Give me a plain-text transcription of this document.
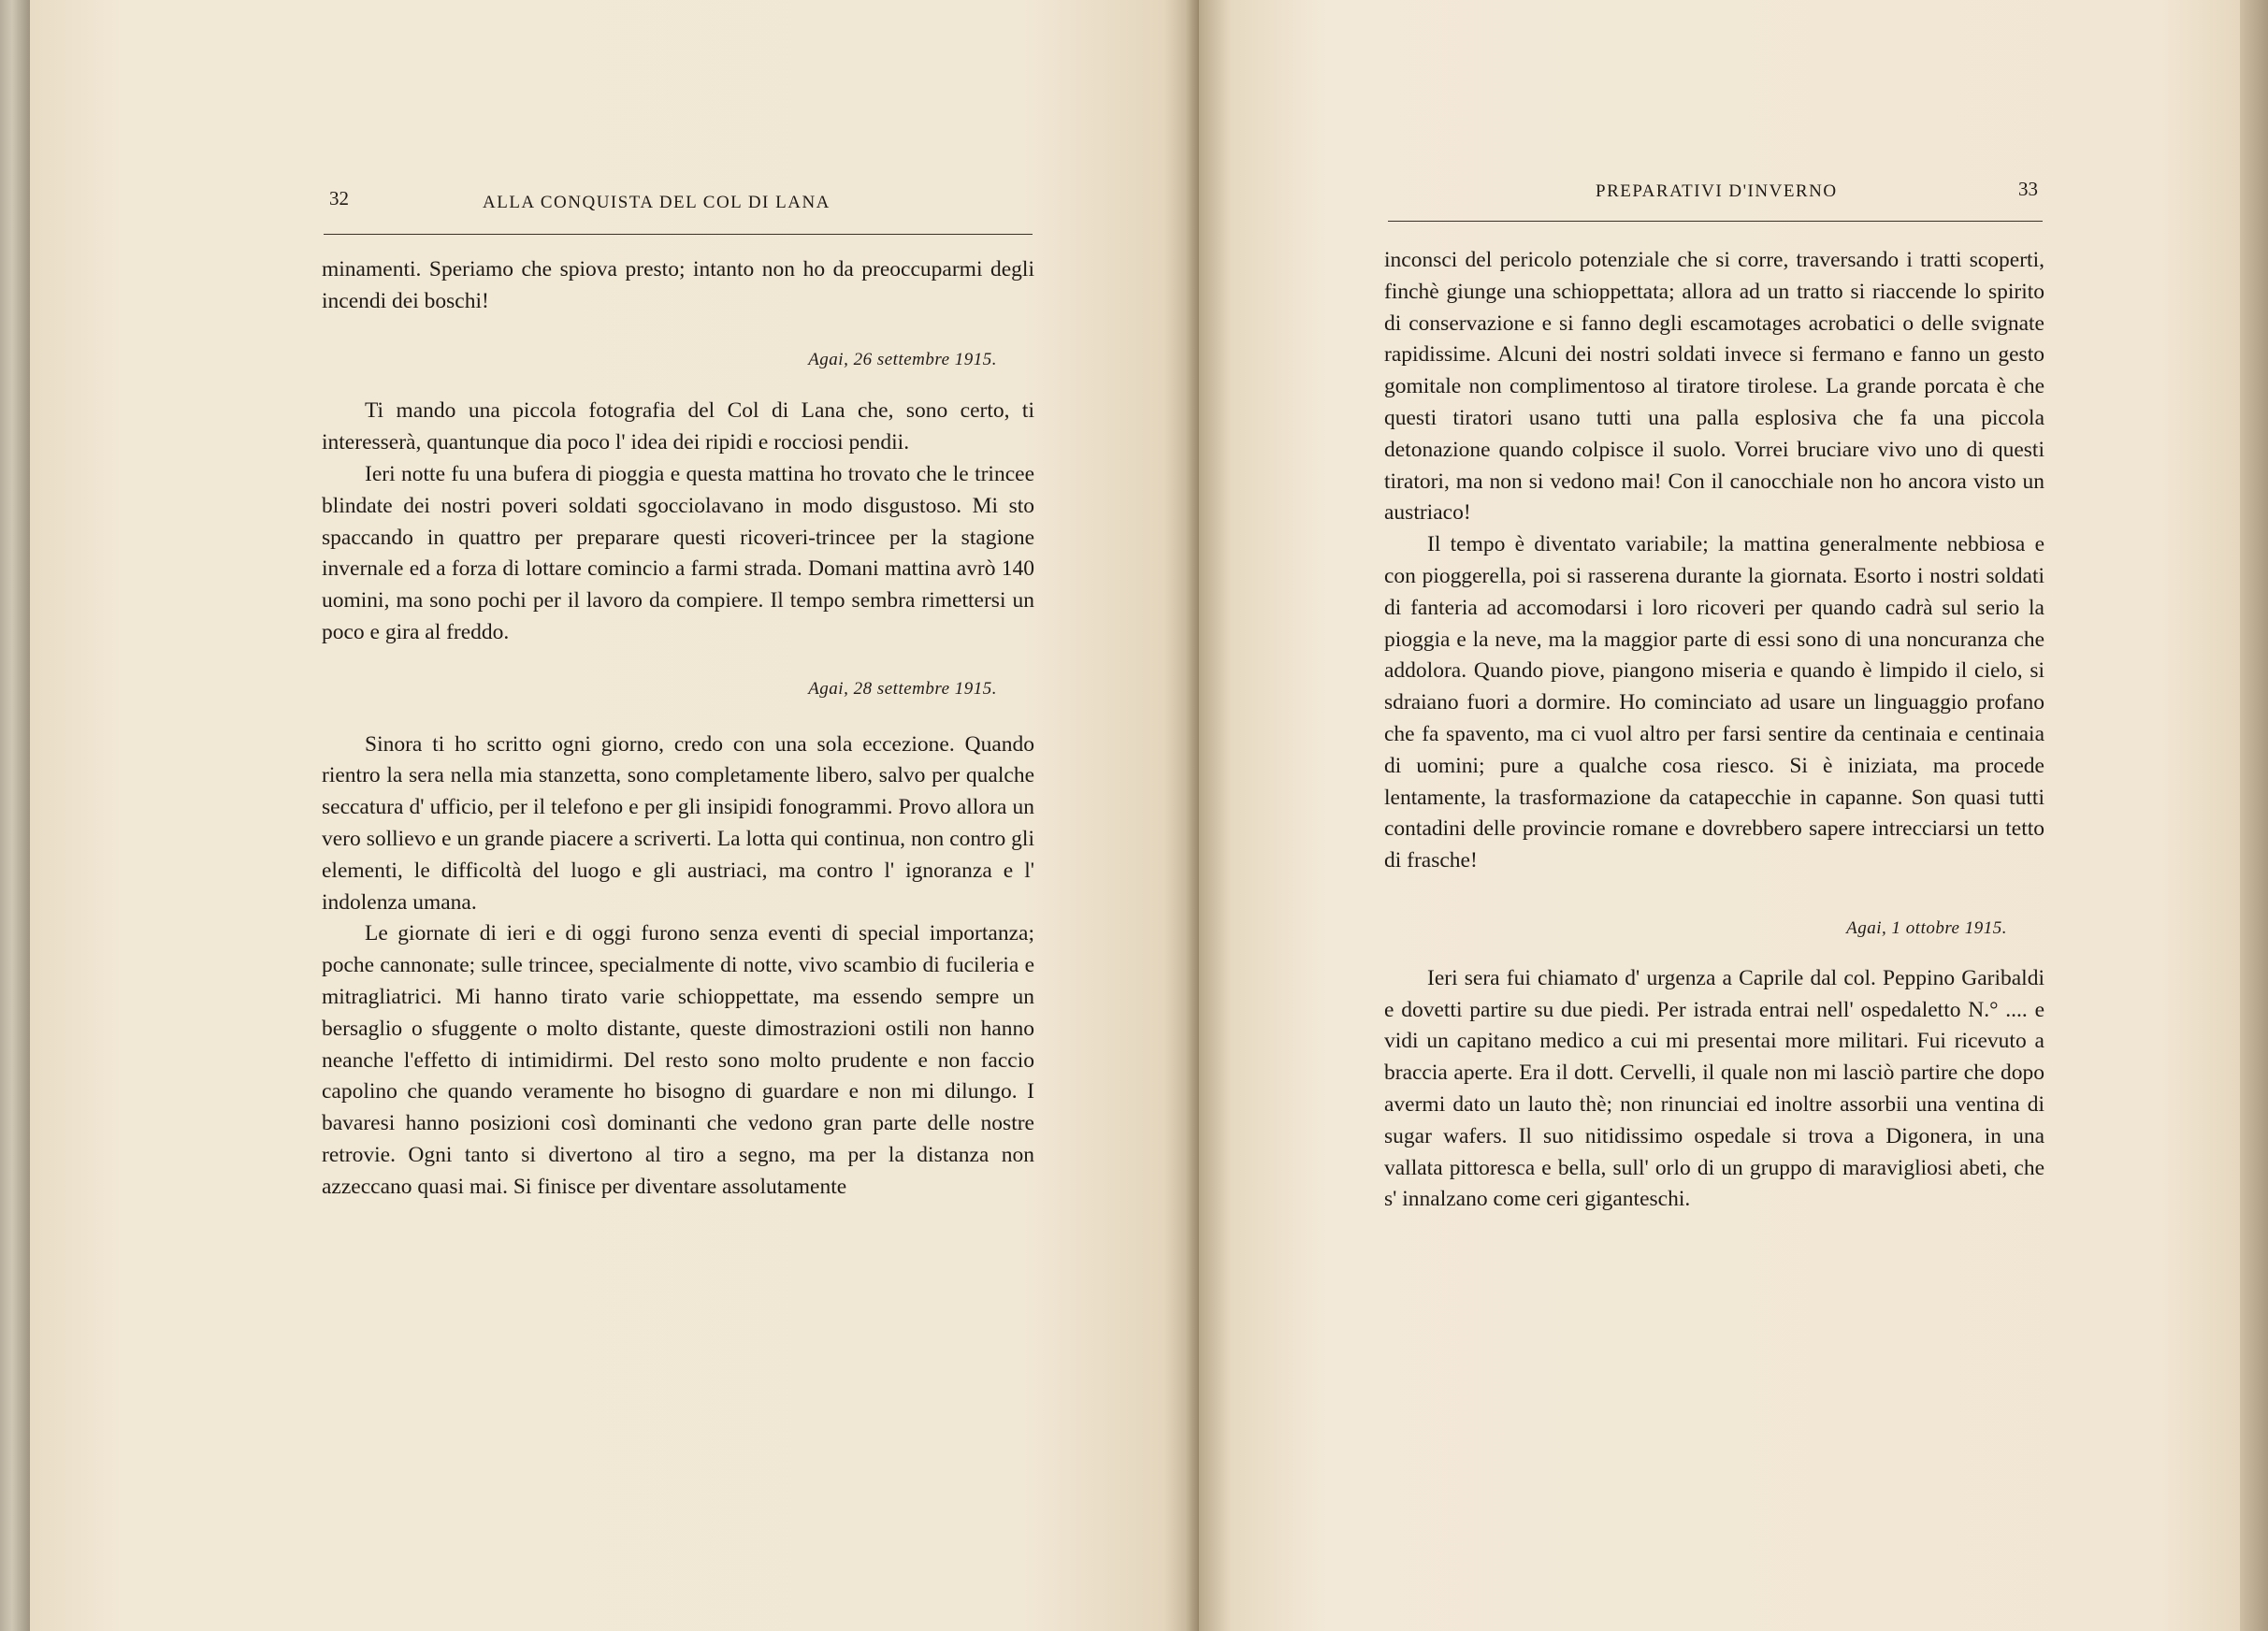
32	ALLA CONQUISTA DEL COL DI LANA

minamenti. Speriamo che spiova presto; intanto non ho da preoccuparmi degli incendi dei boschi!

Agai, 26 settembre 1915.

Ti mando una piccola fotografia del Col di Lana che, sono certo, ti interesserà, quantunque dia poco l' idea dei ripidi e rocciosi pendii.

Ieri notte fu una bufera di pioggia e questa mattina ho trovato che le trincee blindate dei nostri poveri soldati sgocciolavano in modo disgustoso. Mi sto spaccando in quattro per preparare questi ricoveri-trincee per la stagione invernale ed a forza di lottare comincio a farmi strada. Domani mattina avrò 140 uomini, ma sono pochi per il lavoro da compiere. Il tempo sembra rimettersi un poco e gira al freddo.

Agai, 28 settembre 1915.

Sinora ti ho scritto ogni giorno, credo con una sola eccezione. Quando rientro la sera nella mia stanzetta, sono completamente libero, salvo per qualche seccatura d' ufficio, per il telefono e per gli insipidi fonogrammi. Provo allora un vero sollievo e un grande piacere a scriverti. La lotta qui continua, non contro gli elementi, le difficoltà del luogo e gli austriaci, ma contro l' ignoranza e l' indolenza umana.

Le giornate di ieri e di oggi furono senza eventi di special importanza; poche cannonate; sulle trincee, specialmente di notte, vivo scambio di fucileria e mitragliatrici. Mi hanno tirato varie schioppettate, ma essendo sempre un bersaglio o sfuggente o molto distante, queste dimostrazioni ostili non hanno neanche l'effetto di intimidirmi. Del resto sono molto prudente e non faccio capolino che quando veramente ho bisogno di guardare e non mi dilungo. I bavaresi hanno posizioni così dominanti che vedono gran parte delle nostre retrovie. Ogni tanto si divertono al tiro a segno, ma per la distanza non azzeccano quasi mai. Si finisce per diventare assolutamente

PREPARATIVI D'INVERNO	33

inconsci del pericolo potenziale che si corre, traversando i tratti scoperti, finchè giunge una schioppettata; allora ad un tratto si riaccende lo spirito di conservazione e si fanno degli escamotages acrobatici o delle svignate rapidissime. Alcuni dei nostri soldati invece si fermano e fanno un gesto gomitale non complimentoso al tiratore tirolese. La grande porcata è che questi tiratori usano tutti una palla esplosiva che fa una piccola detonazione quando colpisce il suolo. Vorrei bruciare vivo uno di questi tiratori, ma non si vedono mai! Con il canocchiale non ho ancora visto un austriaco!

Il tempo è diventato variabile; la mattina generalmente nebbiosa e con pioggerella, poi si rasserena durante la giornata. Esorto i nostri soldati di fanteria ad accomodarsi i loro ricoveri per quando cadrà sul serio la pioggia e la neve, ma la maggior parte di essi sono di una noncuranza che addolora. Quando piove, piangono miseria e quando è limpido il cielo, si sdraiano fuori a dormire. Ho cominciato ad usare un linguaggio profano che fa spavento, ma ci vuol altro per farsi sentire da centinaia e centinaia di uomini; pure a qualche cosa riesco. Si è iniziata, ma procede lentamente, la trasformazione da catapecchie in capanne. Son quasi tutti contadini delle provincie romane e dovrebbero sapere intrecciarsi un tetto di frasche!

Agai, 1 ottobre 1915.

Ieri sera fui chiamato d' urgenza a Caprile dal col. Peppino Garibaldi e dovetti partire su due piedi. Per istrada entrai nell' ospedaletto N.° .... e vidi un capitano medico a cui mi presentai more militari. Fui ricevuto a braccia aperte. Era il dott. Cervelli, il quale non mi lasciò partire che dopo avermi dato un lauto thè; non rinunciai ed inoltre assorbii una ventina di sugar wafers. Il suo nitidissimo ospedale si trova a Digonera, in una vallata pittoresca e bella, sull' orlo di un gruppo di maravigliosi abeti, che s' innalzano come ceri giganteschi.
